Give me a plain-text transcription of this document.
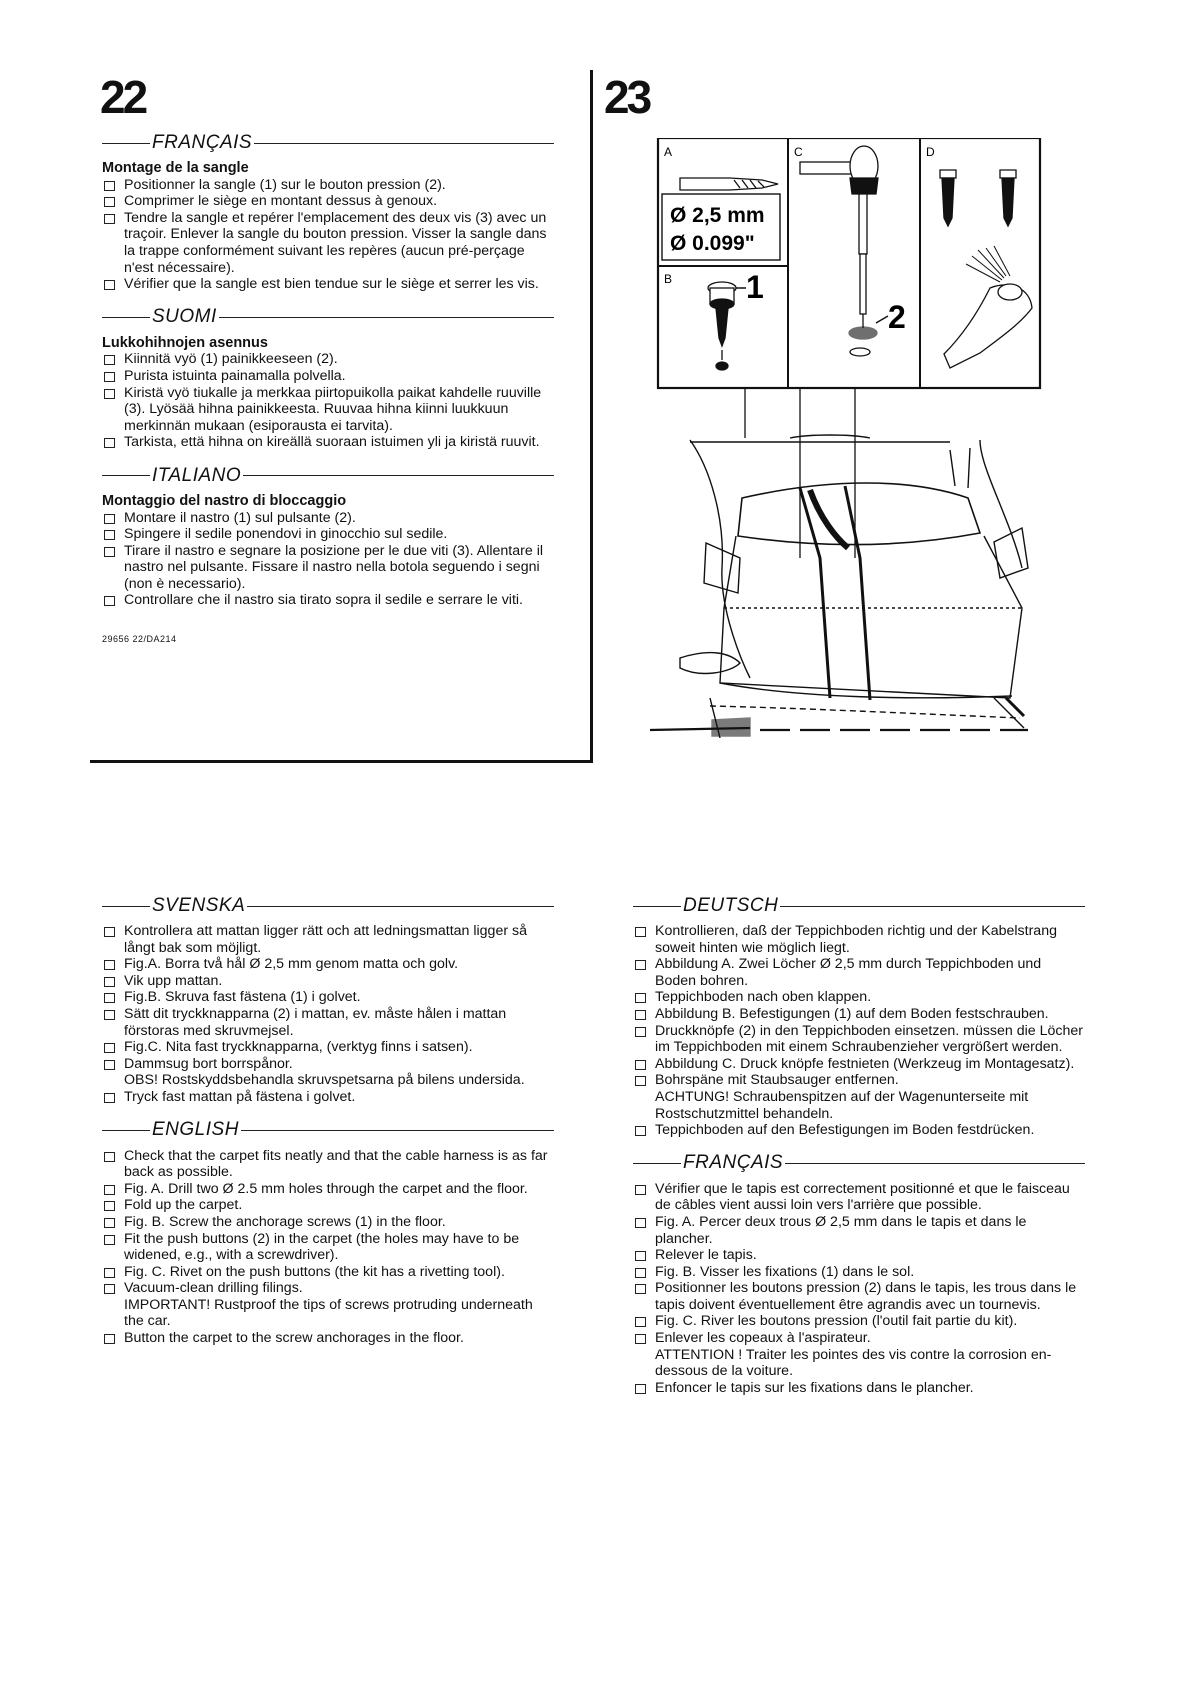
22	23
FRANÇAIS
Montage de la sangle
Positionner la sangle (1) sur le bouton pression (2).
Comprimer le siège en montant dessus à genoux.
Tendre la sangle et repérer l'emplacement des deux vis (3) avec un traçoir. Enlever la sangle du bouton pression. Visser la sangle dans la trappe conformément suivant les repères (aucun pré-perçage n'est nécessaire).
Vérifier que la sangle est bien tendue sur le siège et serrer les vis.
SUOMI
Lukkohihnojen asennus
Kiinnitä vyö (1) painikkeeseen (2).
Purista istuinta painamalla polvella.
Kiristä vyö tiukalle ja merkkaa piirtopuikolla paikat kahdelle ruuville (3). Lyösää hihna painikkeesta. Ruuvaa hihna kiinni luukkuun merkinnän mukaan (esiporausta ei tarvita).
Tarkista, että hihna on kireällä suoraan istuimen yli ja kiristä ruuvit.
ITALIANO
Montaggio del nastro di bloccaggio
Montare il nastro (1) sul pulsante (2).
Spingere il sedile ponendovi in ginocchio sul sedile.
Tirare il nastro e segnare la posizione per le due viti (3). Allentare il nastro nel pulsante. Fissare il nastro nella botola seguendo i segni (non è necessario).
Controllare che il nastro sia tirato sopra il sedile e serrare le viti.
29656 22/DA214
A
B
C	D
Ø 2,5 mm
Ø 0.099"
1
2
SVENSKA
Kontrollera att mattan ligger rätt och att ledningsmattan ligger så långt bak som möjligt.
Fig.A. Borra två hål Ø 2,5 mm genom matta och golv.
Vik upp mattan.
Fig.B. Skruva fast fästena (1) i golvet.
Sätt dit tryckknapparna (2) i mattan, ev. måste hålen i mattan förstoras med skruvmejsel.
Fig.C. Nita fast tryckknapparna, (verktyg finns i satsen).
Dammsug bort borrspånor.
OBS! Rostskyddsbehandla skruvspetsarna på bilens undersida.
Tryck fast mattan på fästena i golvet.
ENGLISH
Check that the carpet fits neatly and that the cable harness is as far back as possible.
Fig. A. Drill two Ø 2.5 mm holes through the carpet and the floor.
Fold up the carpet.
Fig. B. Screw the anchorage screws (1) in the floor.
Fit the push buttons (2) in the carpet (the holes may have to be widened, e.g., with a screwdriver).
Fig. C. Rivet on the push buttons (the kit has a rivetting tool).
Vacuum-clean drilling filings.
IMPORTANT! Rustproof the tips of screws protruding underneath the car.
Button the carpet to the screw anchorages in the floor.
DEUTSCH
Kontrollieren, daß der Teppichboden richtig und der Kabelstrang soweit hinten wie möglich liegt.
Abbildung A. Zwei Löcher Ø 2,5 mm durch Teppichboden und Boden bohren.
Teppichboden nach oben klappen.
Abbildung B. Befestigungen (1) auf dem Boden festschrauben.
Druckknöpfe (2) in den Teppichboden einsetzen. müssen die Löcher im Teppichboden mit einem Schraubenzieher vergrößert werden.
Abbildung C. Druck knöpfe festnieten (Werkzeug im Montagesatz).
Bohrspäne mit Staubsauger entfernen.
ACHTUNG! Schraubenspitzen auf der Wagenunterseite mit Rostschutzmittel behandeln.
Teppichboden auf den Befestigungen im Boden festdrücken.
FRANÇAIS
Vérifier que le tapis est correctement positionné et que le faisceau de câbles vient aussi loin vers l'arrière que possible.
Fig. A. Percer deux trous Ø 2,5 mm dans le tapis et dans le plancher.
Relever le tapis.
Fig. B. Visser les fixations (1) dans le sol.
Positionner les boutons pression (2) dans le tapis, les trous dans le tapis doivent éventuellement être agrandis avec un tournevis.
Fig. C. River les boutons pression (l'outil fait partie du kit).
Enlever les copeaux à l'aspirateur.
ATTENTION ! Traiter les pointes des vis contre la corrosion en-dessous de la voiture.
Enfoncer le tapis sur les fixations dans le plancher.
